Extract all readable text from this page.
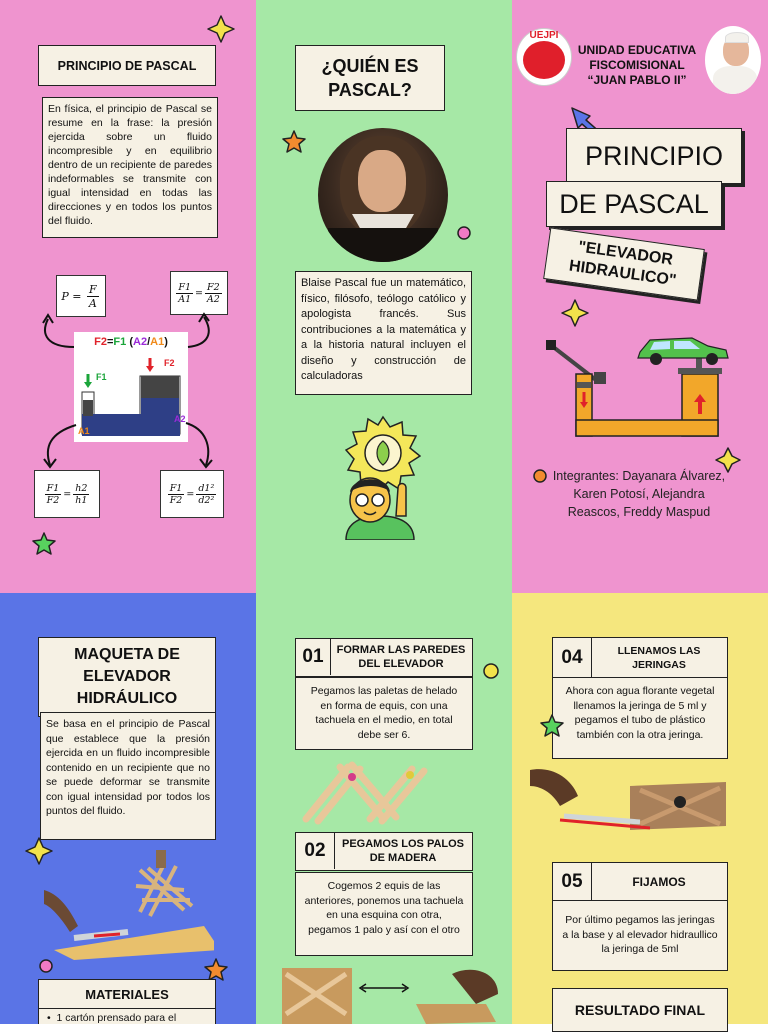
PRINCIPIO DE PASCAL
En física, el principio de Pascal se resume en la frase: la presión ejercida sobre un fluido incompresible y en equilibrio dentro de un recipiente de paredes indeformables se transmite con igual intensidad en todas las direcciones y en todos los puntos del fluido.
$P = \frac{F}{A}$	$\frac{F1}{A1} = \frac{F2}{A2}$
$\frac{F1}{F2} = \frac{h2}{h1}$	$\frac{F1}{F2} = \frac{\text{d1²}}{\text{d2²}}$
F2=F1 (A2/A1)
F1
F2
A1
A2
¿QUIÉN ES PASCAL?
Blaise Pascal fue un matemático, físico, filósofo, teólogo católico y apologista francés. Sus contribuciones a la matemática y a la historia natural incluyen el diseño y construcción de calculadoras
UEJPI
UNIDAD EDUCATIVA
FISCOMISIONAL
“JUAN PABLO II”
PRINCIPIO
DE PASCAL
"ELEVADOR HIDRAULICO"
Integrantes: Dayanara Álvarez, Karen Potosí, Alejandra Reascos, Freddy Maspud
MAQUETA DE ELEVADOR HIDRÁULICO
Se basa en el principio de Pascal que establece que la presión ejercida en un fluido incompresible contenido en un recipiente que no se puede deformar se transmite con igual intensidad por todos los puntos del fluido.
MATERIALES
•  1 cartón prensado para el
01	FORMAR LAS PAREDES DEL ELEVADOR
Pegamos las paletas de helado en forma de equis, con una tachuela en el medio, en total debe ser 6.
02	PEGAMOS LOS PALOS DE MADERA
Cogemos 2 equis de las anteriores, ponemos una tachuela en una esquina con otra, pegamos 1 palo y así con el otro
04	LLENAMOS LAS JERINGAS
Ahora con agua florante vegetal llenamos la jeringa de 5 ml y pegamos el tubo de plástico también con la otra jeringa.
05	FIJAMOS
Por último pegamos las jeringas a la base y al elevador hidraullico la jeringa de 5ml
RESULTADO FINAL
